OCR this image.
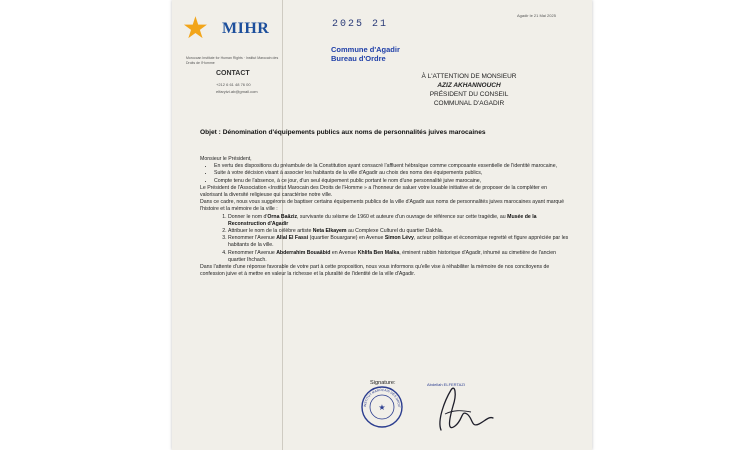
★ MIHR
Moroccan Institute for Human Rights · Institut Marocain des Droits de l'Homme
CONTACT
+212 6 61 48 76 00
elfarytzi.ab@gmail.com
Agadir le 21 Mai 2025
2025 21
Commune d'Agadir
Bureau d'Ordre
À L'ATTENTION DE MONSIEUR
AZIZ AKHANNOUCH
PRÉSIDENT DU CONSEIL
COMMUNAL D'AGADIR
Objet : Dénomination d'équipements publics aux noms de personnalités juives marocaines

Monsieur le Président,

• En vertu des dispositions du préambule de la Constitution ayant consacré l'affluent hébraïque comme composante essentielle de l'identité marocaine,
• Suite à votre décision visant à associer les habitants de la ville d'Agadir au choix des noms des équipements publics,
• Compte tenu de l'absence, à ce jour, d'un seul équipement public portant le nom d'une personnalité juive marocaine,

Le Président de l'Association «Institut Marocain des Droits de l'Homme » a l'honneur de saluer votre louable initiative et de proposer de la compléter en valorisant la diversité religieuse qui caractérise notre ville.

Dans ce cadre, nous vous suggérons de baptiser certains équipements publics de la ville d'Agadir aux noms de personnalités juives marocaines ayant marqué l'histoire et la mémoire de la ville :

1. Donner le nom d'Orna Baâziz, survivante du séisme de 1960 et auteure d'un ouvrage de référence sur cette tragédie, au Musée de la Reconstruction d'Agadir
2. Attribuer le nom de la célèbre artiste Neta Elkayem au Complexe Culturel du quartier Dakhla.
3. Renommer l'Avenue Allal El Fassi (quartier Bouargane) en Avenue Simon Lévy, acteur politique et économique regretté et figure appréciée par les habitants de la ville.
4. Renommer l'Avenue Abderrahim Bouaâbid en Avenue Khlifa Ben Malka, éminent rabbin historique d'Agadir, inhumé au cimetière de l'ancien quartier Ihchach.

Dans l'attente d'une réponse favorable de votre part à cette proposition, nous vous informons qu'elle vise à réhabiliter la mémoire de nos concitoyens de confession juive et à mettre en valeur la richesse et la pluralité de l'identité de la ville d'Agadir.

Signature:
★
INSTITUT MAROCAIN DES DROIT
Abdellah ELFERTAZI
